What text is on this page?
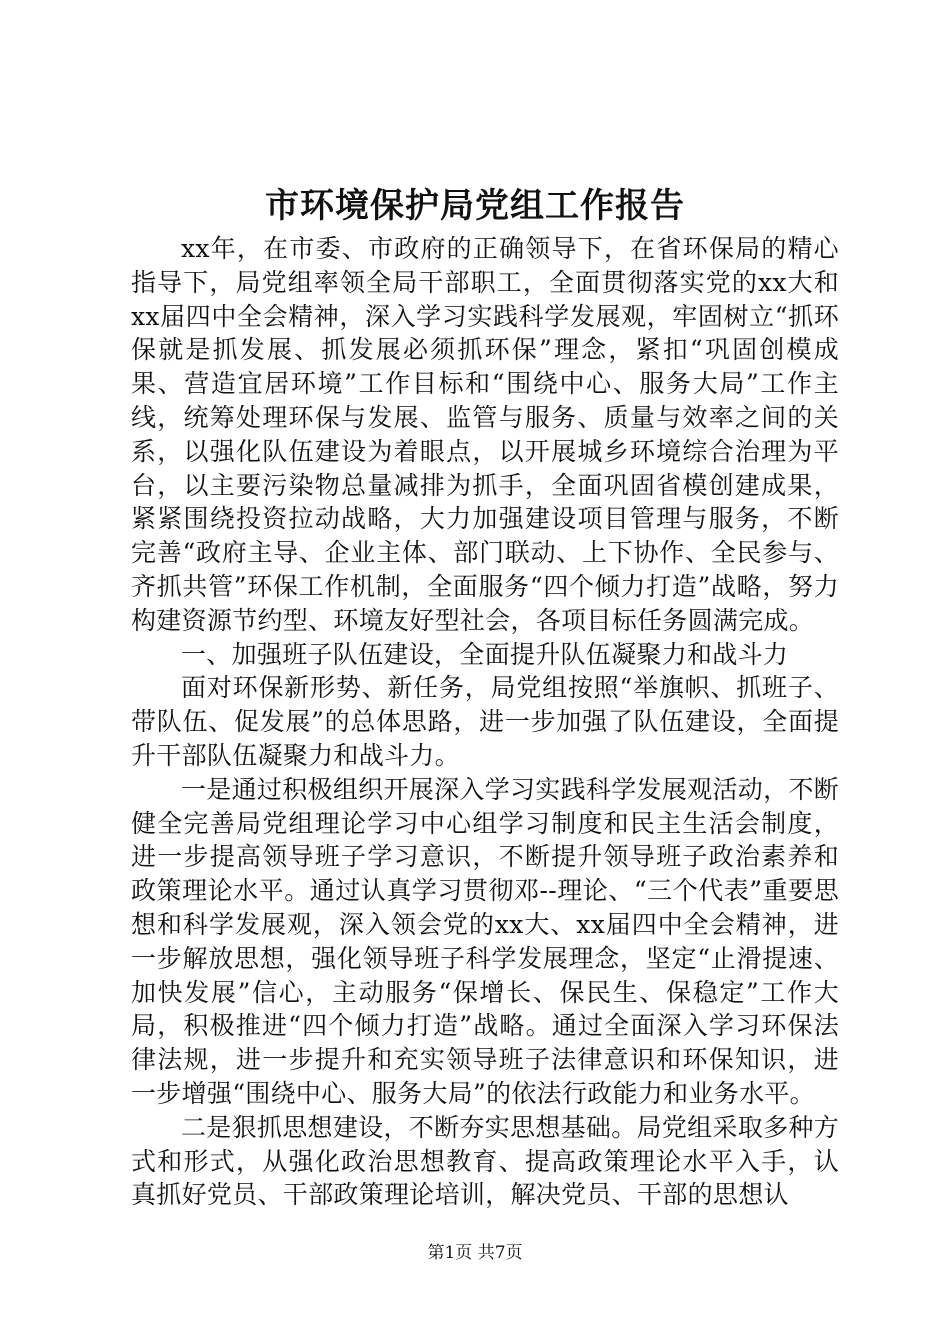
市环境保护局党组工作报告

xx年，在市委、市政府的正确领导下，在省环保局的精心指导下，局党组率领全局干部职工，全面贯彻落实党的xx大和xx届四中全会精神，深入学习实践科学发展观，牢固树立“抓环保就是抓发展、抓发展必须抓环保”理念，紧扣“巩固创模成果、营造宜居环境”工作目标和“围绕中心、服务大局”工作主线，统筹处理环保与发展、监管与服务、质量与效率之间的关系，以强化队伍建设为着眼点，以开展城乡环境综合治理为平台，以主要污染物总量减排为抓手，全面巩固省模创建成果，紧紧围绕投资拉动战略，大力加强建设项目管理与服务，不断完善“政府主导、企业主体、部门联动、上下协作、全民参与、齐抓共管”环保工作机制，全面服务“四个倾力打造”战略，努力构建资源节约型、环境友好型社会，各项目标任务圆满完成。

一、加强班子队伍建设，全面提升队伍凝聚力和战斗力

面对环保新形势、新任务，局党组按照“举旗帜、抓班子、带队伍、促发展”的总体思路，进一步加强了队伍建设，全面提升干部队伍凝聚力和战斗力。

一是通过积极组织开展深入学习实践科学发展观活动，不断健全完善局党组理论学习中心组学习制度和民主生活会制度，进一步提高领导班子学习意识，不断提升领导班子政治素养和政策理论水平。通过认真学习贯彻邓--理论、“三个代表”重要思想和科学发展观，深入领会党的xx大、xx届四中全会精神，进一步解放思想，强化领导班子科学发展理念，坚定“止滑提速、加快发展”信心，主动服务“保增长、保民生、保稳定”工作大局，积极推进“四个倾力打造”战略。通过全面深入学习环保法律法规，进一步提升和充实领导班子法律意识和环保知识，进一步增强“围绕中心、服务大局”的依法行政能力和业务水平。

二是狠抓思想建设，不断夯实思想基础。局党组采取多种方式和形式，从强化政治思想教育、提高政策理论水平入手，认真抓好党员、干部政策理论培训，解决党员、干部的思想认

第1页 共7页
